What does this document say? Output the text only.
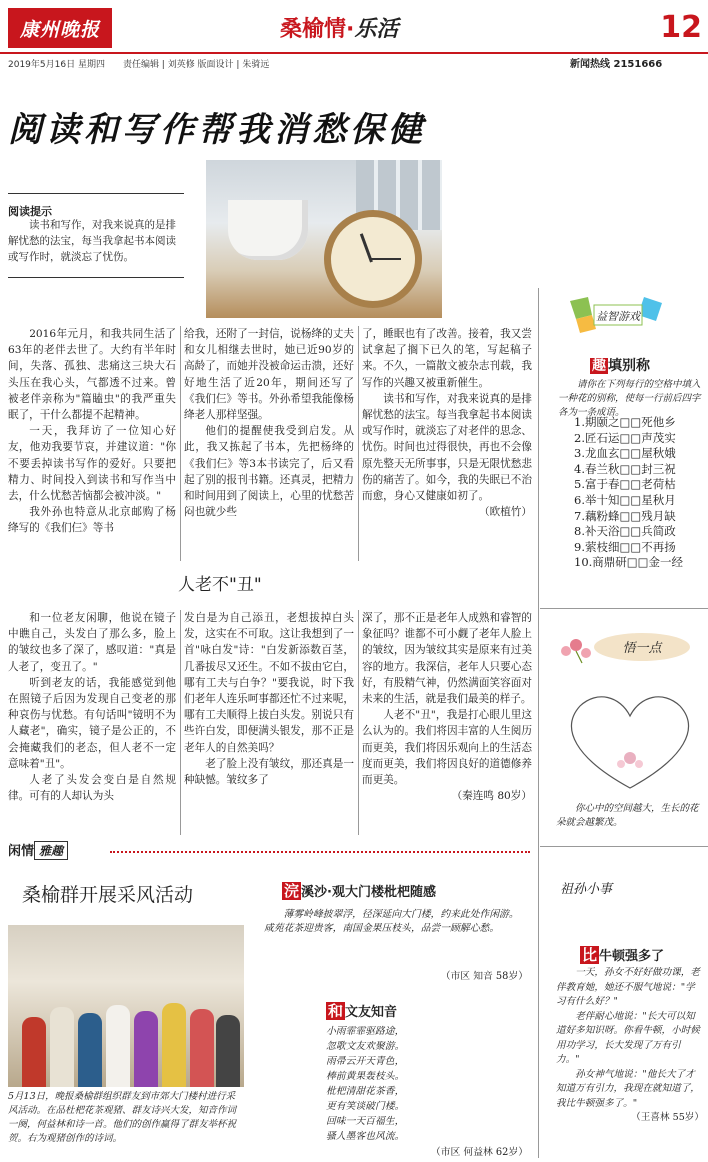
康州晚报	桑榆情·乐活	12
2019年5月16日 星期四　　责任编辑 | 刘英修 版面设计 | 朱骑远	新闻热线 2151666
阅读和写作帮我消愁保健
阅读提示
读书和写作，对我来说真的是排解忧愁的法宝，每当我拿起书本阅读或写作时，就淡忘了忧伤。

2016年元月，和我共同生活了63年的老伴去世了。大约有半年时间，失落、孤独、悲痛这三块大石头压在我心头，气都透不过来。曾被老伴亲称为"篇瞌虫"的我严重失眠了，干什么都提不起精神。

一天，我拜访了一位知心好友，他劝我要节哀，并建议道："你不要丢掉读书写作的爱好。只要把精力、时间投入到读书和写作当中去，什么忧愁苦恼都会被冲淡。"

我外孙也特意从北京邮购了杨绛写的《我们仨》等书

给我，还附了一封信，说杨绛的丈夫和女儿相继去世时，她已近90岁的高龄了，而她并没被命运击溃，还好好地生活了近20年，期间还写了《我们仨》等书。外孙希望我能像杨绛老人那样坚强。

他们的提醒使我受到启发。从此，我又拣起了书本，先把杨绛的《我们仨》等3本书读完了，后又看起了别的报刊书籍。还真灵，把精力和时间用到了阅读上，心里的忧愁苦闷也就少些

了，睡眠也有了改善。接着，我又尝试拿起了搁下已久的笔，写起稿子来。不久，一篇散文被杂志刊载，我写作的兴趣又被重新催生。

读书和写作，对我来说真的是排解忧愁的法宝。每当我拿起书本阅读或写作时，就淡忘了对老伴的思念、忧伤。时间也过得很快，再也不会像原先整天无所事事，只是无限忧愁悲伤的痛苦了。如今，我的失眠已不治而愈，身心又健康如初了。

（欧植竹）

人老不"丑"

和一位老友闲聊，他说在镜子中瞧自己，头发白了那么多，脸上的皱纹也多了深了，感叹道："真是人老了，变丑了。"

听到老友的话，我能感觉到他在照镜子后因为发现自己变老的那种哀伤与忧愁。有句话叫"镜明不为人藏老"，确实，镜子是公正的，不会掩藏我们的老态，但人老不一定意味着"丑"。

人老了头发会变白是自然规律。可有的人却认为头

发白是为自己添丑，老想拔掉白头发，这实在不可取。这让我想到了一首"咏白发"诗："白发新添数百茎，几番拔尽又还生。不如不拔由它白，哪有工夫与白争？"要我说，时下我们老年人连乐呵事都还忙不过来呢，哪有工夫顺得上拔白头发。别说只有些许白发，即便满头银发，那不正是老年人的自然美吗？

老了脸上没有皱纹，那还真是一种缺憾。皱纹多了

深了，那不正是老年人成熟和睿智的象征吗？谁都不可小觑了老年人脸上的皱纹，因为皱纹其实是原来有过美容的地方。我深信，老年人只要心态好，有股精气神，仍然满面笑容面对未来的生活，就是我们最美的样子。

人老不"丑"，我是打心眼儿里这么认为的。我们将因丰富的人生阅历而更美，我们将因乐观向上的生活态度而更美，我们将因良好的道德修养而更美。

（秦连鸣 80岁）

闲情 雅趣
桑榆群开展采风活动
5月13日，晚报桑榆群组织群友到市郊大门楼村进行采风活动。在品杜杷花茶观猪、群友诗兴大发，知音作词一阕，何益林和诗一首。他们的创作赢得了群友举杯祝贺。右为观猪创作的诗词。
浣 溪沙·观大门楼枇杷随感
薄雾岭峰披翠浮，径深延向大门楼，约来此处作闲游。　　咸苑花茶迎贵客，南国金果压枝头，品尝一顾解心愁。
（市区 知音 58岁）
和 文友知音
小雨霏霏驱路途，
忽歌文友欢聚游。
雨帚云开天青色，
棒前黄果轰枝头。
枇杷清甜花茶香，
更有笑谈破门楼。
回味一天百福生，
骚人墨客也风流。
（市区 何益林 62岁）
益智游戏
趣 填别称
请你在下列每行的空格中填入一种花的别称，使每一行前后四字各为一条成语。
1.期颐之□□死他乡
2.匠石运□□声茂实
3.龙血玄□□屋秋娥
4.春兰秋□□封三祝
5.富于春□□老荷枯
6.举十知□□星秋月
7.藕粉蜂□□残月缺
8.补天浴□□兵简政
9.萦枝细□□不再扬
10.商鼎研□□金一经
悟一点
你心中的空间越大，生长的花朵就会越繁茂。
祖孙小事
比 牛顿强多了

一天，孙女不好好做功课，老伴教育她，她还不服气地说："学习有什么好？"

老伴耐心地说："长大可以知道好多知识呀。你看牛顿，小时候用功学习，长大发现了万有引力。"

孙女神气地说："他长大了才知道万有引力，我现在就知道了，我比牛顿强多了。"

（王喜林 55岁）
